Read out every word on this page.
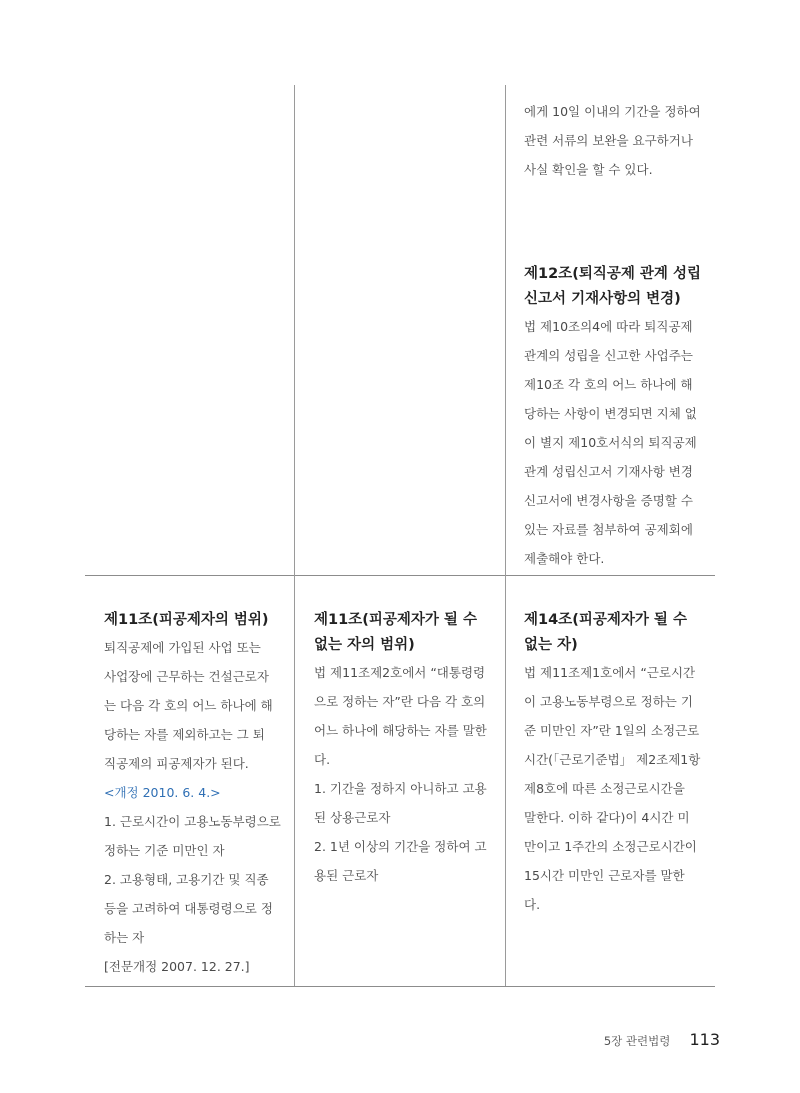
에게 10일 이내의 기간을 정하여

관련 서류의 보완을 요구하거나

사실 확인을 할 수 있다.

제12조(퇴직공제 관계 성립
신고서 기재사항의 변경)

법 제10조의4에 따라 퇴직공제

관계의 성립을 신고한 사업주는

제10조 각 호의 어느 하나에 해

당하는 사항이 변경되면 지체 없

이 별지 제10호서식의 퇴직공제

관계 성립신고서 기재사항 변경

신고서에 변경사항을 증명할 수

있는 자료를 첨부하여 공제회에

제출해야 한다.

제11조(피공제자의 범위)

퇴직공제에 가입된 사업 또는

사업장에 근무하는 건설근로자

는 다음 각 호의 어느 하나에 해

당하는 자를 제외하고는 그 퇴

직공제의 피공제자가 된다.

<개정 2010. 6. 4.>

1. 근로시간이 고용노동부령으로

정하는 기준 미만인 자

2. 고용형태, 고용기간 및 직종

등을 고려하여 대통령령으로 정

하는 자

[전문개정 2007. 12. 27.]

제11조(피공제자가 될 수
없는 자의 범위)

법 제11조제2호에서 “대통령령

으로 정하는 자”란 다음 각 호의

어느 하나에 해당하는 자를 말한

다.

1. 기간을 정하지 아니하고 고용

된 상용근로자

2. 1년 이상의 기간을 정하여 고

용된 근로자

제14조(피공제자가 될 수
없는 자)

법 제11조제1호에서 “근로시간

이 고용노동부령으로 정하는 기

준 미만인 자”란 1일의 소정근로

시간(「근로기준법」 제2조제1항

제8호에 따른 소정근로시간을

말한다. 이하 같다)이 4시간 미

만이고 1주간의 소정근로시간이

15시간 미만인 근로자를 말한

다.

5장 관련법령 113
